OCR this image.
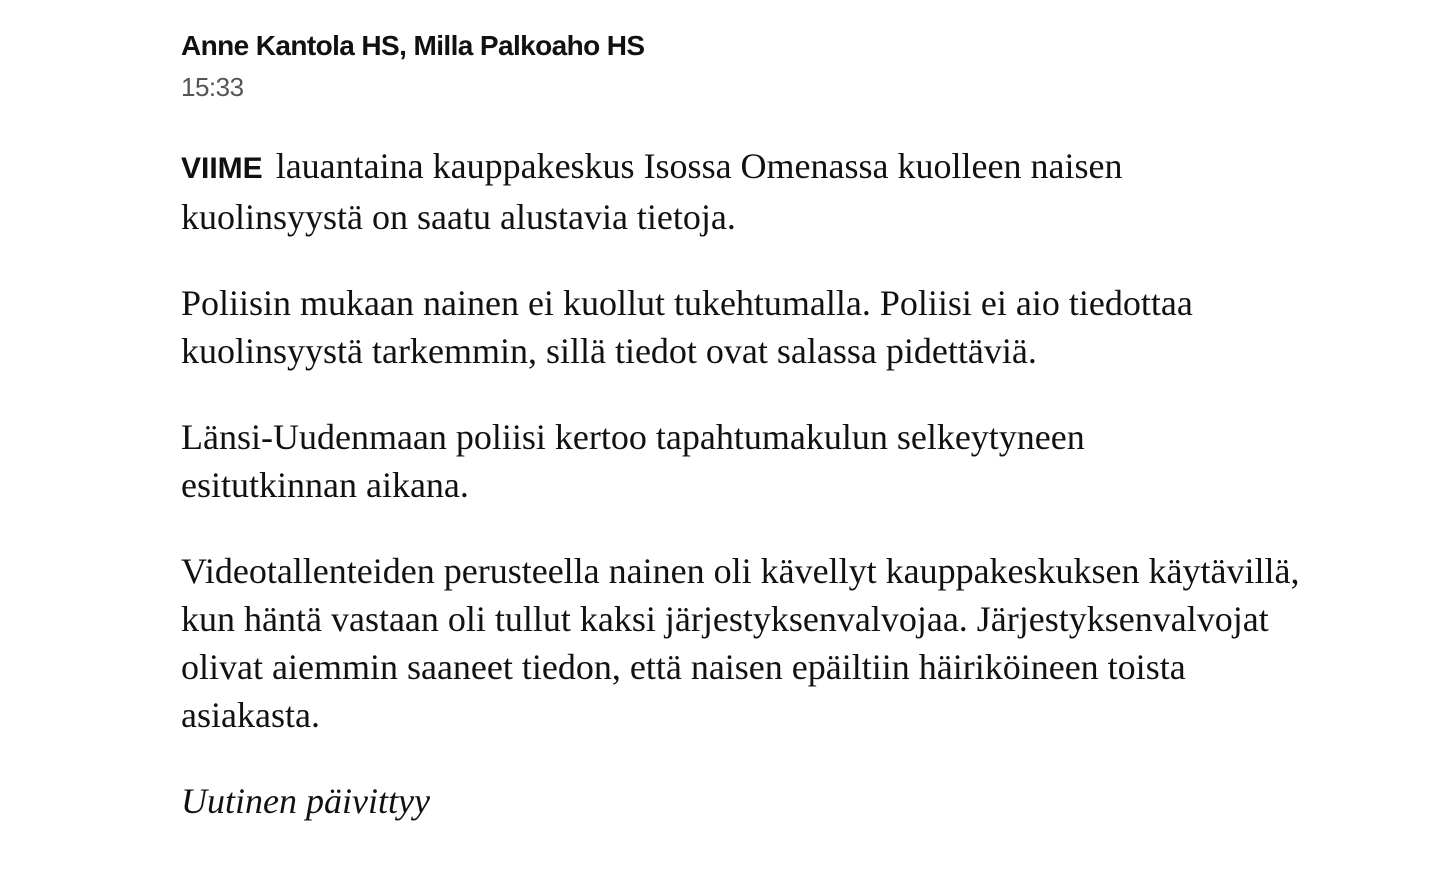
Anne Kantola HS, Milla Palkoaho HS
15:33

VIIME lauantaina kauppakeskus Isossa Omenassa kuolleen naisen kuolinsyystä on saatu alustavia tietoja.

Poliisin mukaan nainen ei kuollut tukehtumalla. Poliisi ei aio tiedottaa kuolinsyystä tarkemmin, sillä tiedot ovat salassa pidettäviä.

Länsi-Uudenmaan poliisi kertoo tapahtumakulun selkeytyneen esitutkinnan aikana.

Videotallenteiden perusteella nainen oli kävellyt kauppakeskuksen käytävillä, kun häntä vastaan oli tullut kaksi järjestyksenvalvojaa. Järjestyksenvalvojat olivat aiemmin saaneet tiedon, että naisen epäiltiin häiriköineen toista asiakasta.

Uutinen päivittyy
